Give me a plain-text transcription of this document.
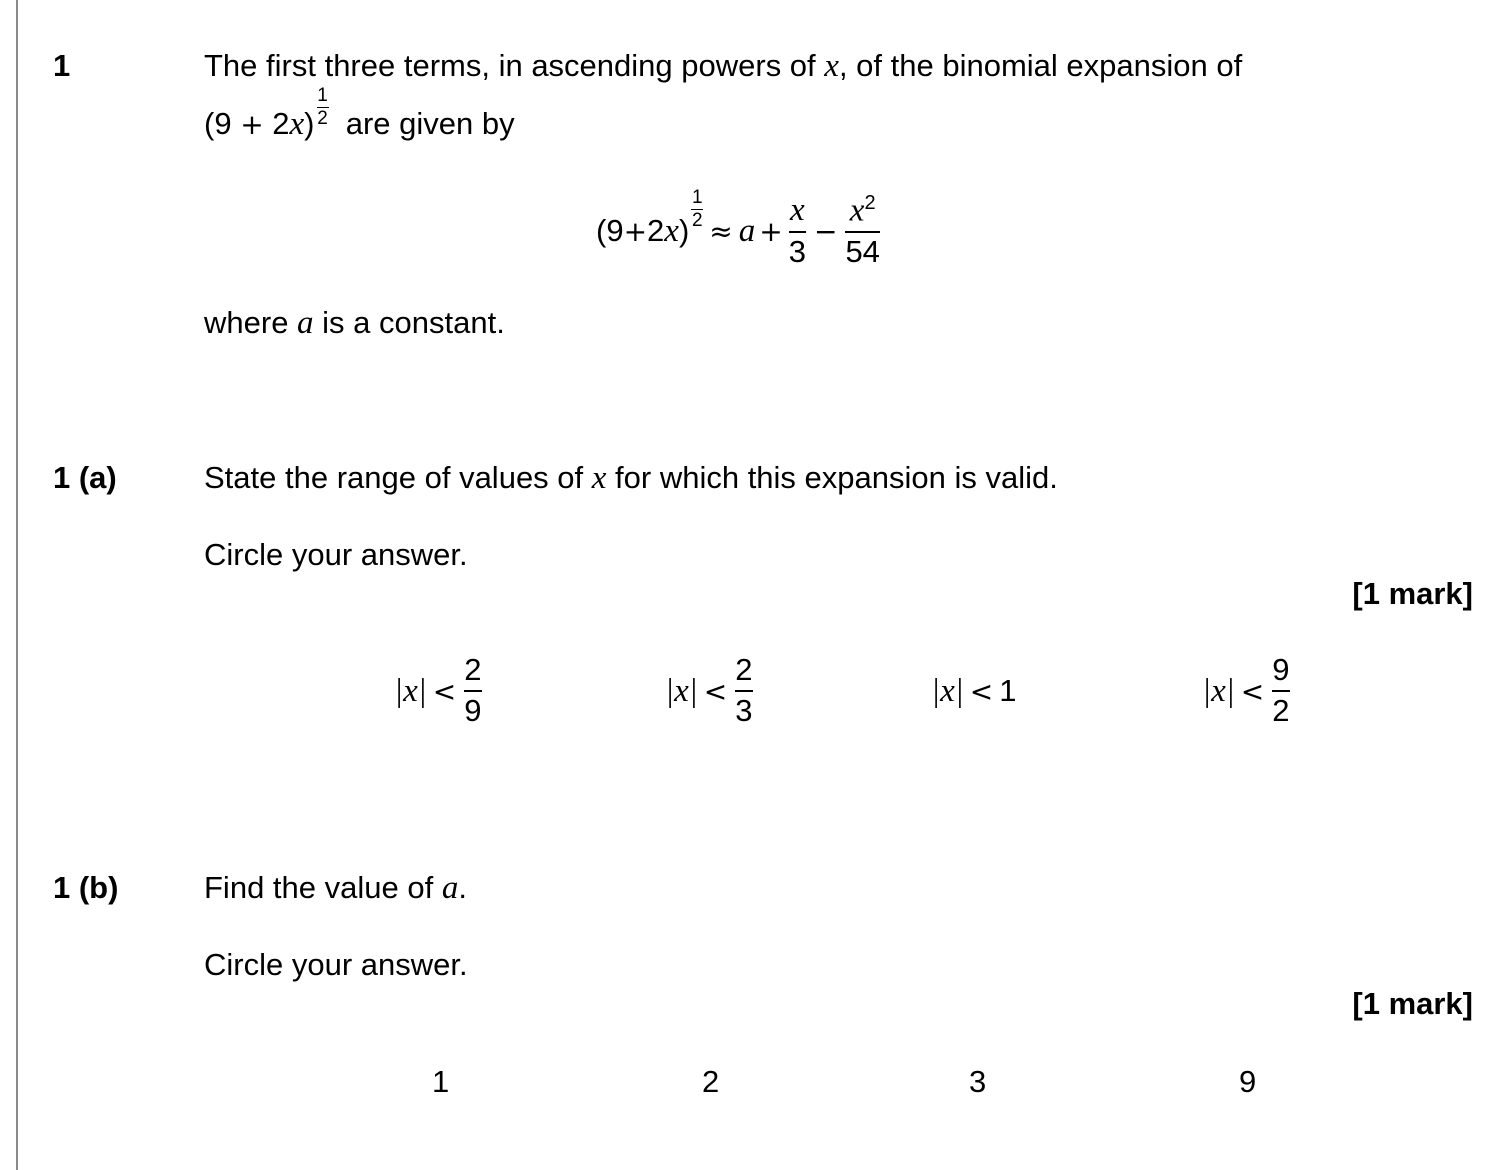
1	The first three terms, in ascending powers of x, of the binomial expansion of
$(9 + 2x) \frac{1}{2}$ are given by
(9 + 2 x )
1
$2 \approx a + \frac{x}{3} - \frac{x^2}{54}$
where a is a constant.
1 (a)	State the range of values of x for which this expansion is valid.
Circle your answer.
[1 mark]
$|x| < \frac{2}{9}$	$|x| < \frac{2}{3}$	|x| < 1	$|x| < \frac{9}{2}$
1 (b)	Find the value of a.
Circle your answer.
[1 mark]
1	2	3	9
